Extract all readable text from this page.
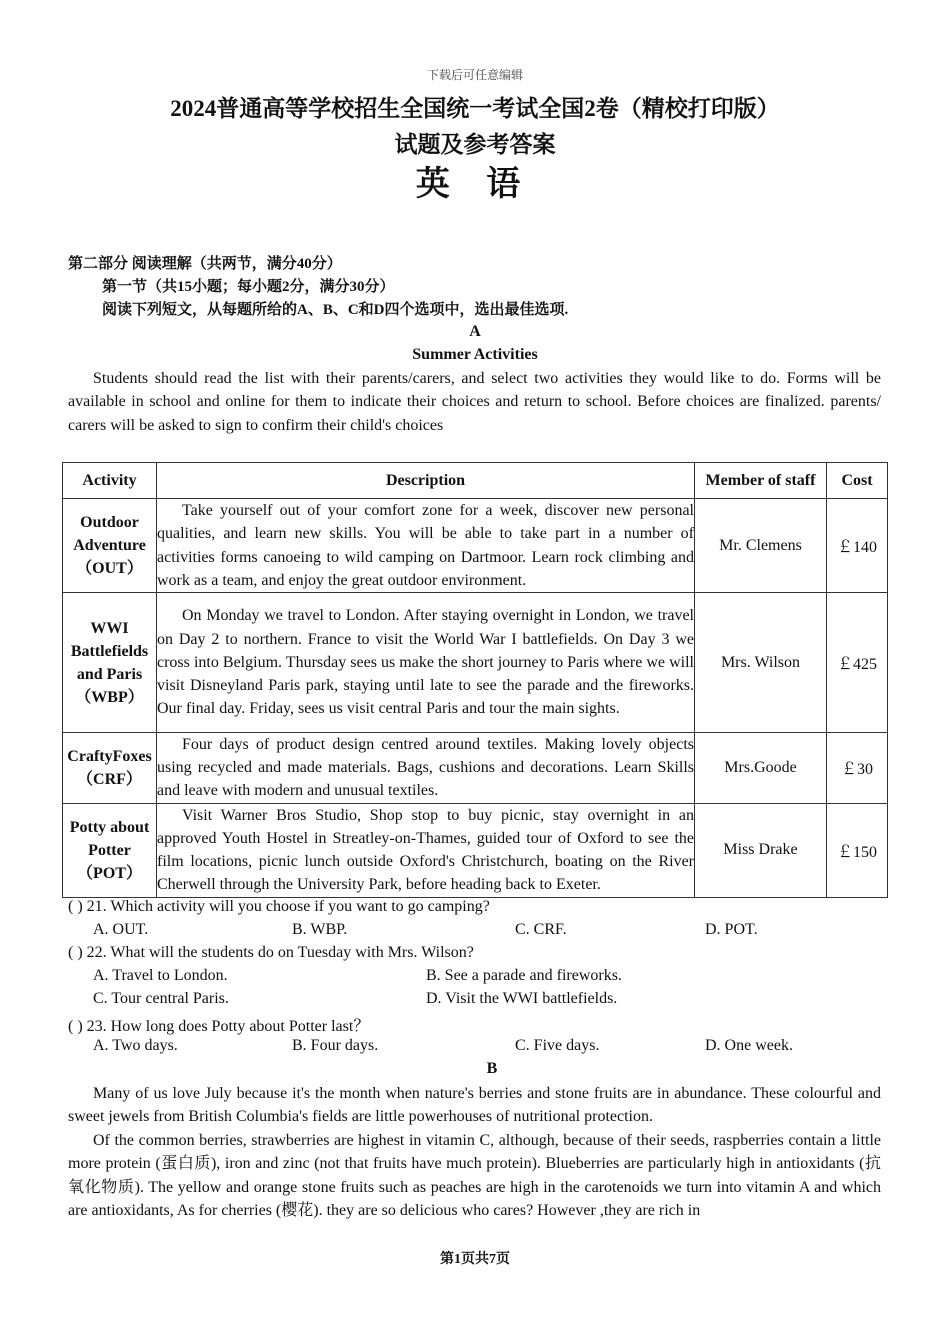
下载后可任意编辑
2024普通高等学校招生全国统一考试全国2卷（精校打印版）
试题及参考答案
英 语
第二部分 阅读理解（共两节，满分40分）
第一节（共15小题；每小题2分，满分30分）
阅读下列短文，从每题所给的A、B、C和D四个选项中，选出最佳选项.
A
Summer Activities

Students should read the list with their parents/carers, and select two activities they would like to do. Forms will be available in school and online for them to indicate their choices and return to school. Before choices are finalized. parents/ carers will be asked to sign to confirm their child's choices

Activity	Description	Member of staff	Cost
Outdoor Adventure（OUT）	Take yourself out of your comfort zone for a week, discover new personal qualities, and learn new skills. You will be able to take part in a number of activities forms canoeing to wild camping on Dartmoor. Learn rock climbing and work as a team, and enjoy the great outdoor environment.	Mr. Clemens	￡140
WWI Battlefields and Paris（WBP）	On Monday we travel to London. After staying overnight in London, we travel on Day 2 to northern. France to visit the World War I battlefields. On Day 3 we cross into Belgium. Thursday sees us make the short journey to Paris where we will visit Disneyland Paris park, staying until late to see the parade and the fireworks. Our final day. Friday, sees us visit central Paris and tour the main sights.	Mrs. Wilson	￡425
CraftyFoxes（CRF）	Four days of product design centred around textiles. Making lovely objects using recycled and made materials. Bags, cushions and decorations. Learn Skills and leave with modern and unusual textiles.	Mrs.Goode	￡30
Potty about Potter（POT）	Visit Warner Bros Studio, Shop stop to buy picnic, stay overnight in an approved Youth Hostel in Streatley-on-Thames, guided tour of Oxford to see the film locations, picnic lunch outside Oxford's Christchurch, boating on the River Cherwell through the University Park, before heading back to Exeter.	Miss Drake	￡150
( ) 21. Which activity will you choose if you want to go camping?
A. OUT.	B. WBP.	C. CRF.	D. POT.
( ) 22. What will the students do on Tuesday with Mrs. Wilson?
A. Travel to London.	B. See a parade and fireworks.
C. Tour central Paris.	D. Visit the WWI battlefields.
( ) 23. How long does Potty about Potter last？
A. Two days.	B. Four days.	C. Five days.	D. One week.
B

Many of us love July because it's the month when nature's berries and stone fruits are in abundance. These colourful and sweet jewels from British Columbia's fields are little powerhouses of nutritional protection.

Of the common berries, strawberries are highest in vitamin C, although, because of their seeds, raspberries contain a little more protein (蛋白质), iron and zinc (not that fruits have much protein). Blueberries are particularly high in antioxidants (抗氧化物质). The yellow and orange stone fruits such as peaches are high in the carotenoids we turn into vitamin A and which are antioxidants, As for cherries (樱花). they are so delicious who cares? However ,they are rich in

第1页共7页
